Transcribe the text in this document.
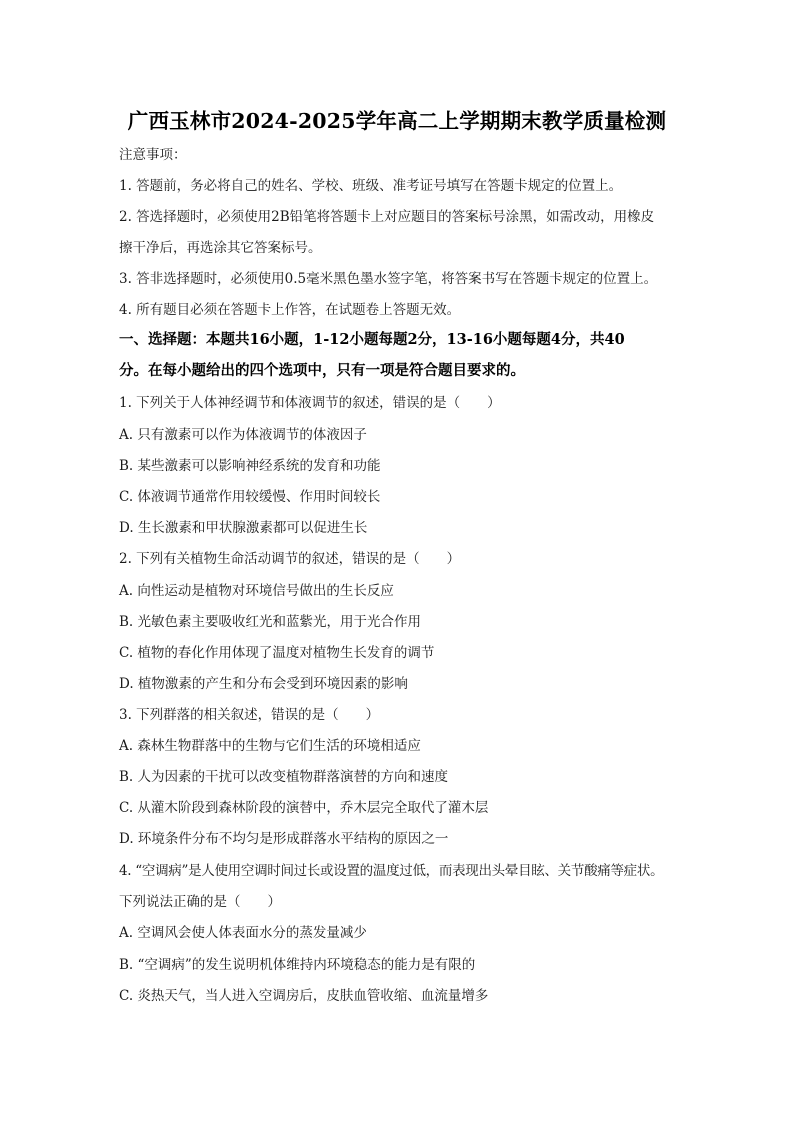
广西玉林市2024-2025学年高二上学期期末教学质量检测
注意事项：
1. 答题前，务必将自己的姓名、学校、班级、准考证号填写在答题卡规定的位置上。
2. 答选择题时，必须使用2B铅笔将答题卡上对应题目的答案标号涂黑，如需改动，用橡皮
擦干净后，再选涂其它答案标号。
3. 答非选择题时，必须使用0.5毫米黑色墨水签字笔，将答案书写在答题卡规定的位置上。
4. 所有题目必须在答题卡上作答，在试题卷上答题无效。
一、选择题：本题共16小题，1-12小题每题2分，13-16小题每题4分，共40
分。在每小题给出的四个选项中，只有一项是符合题目要求的。
1. 下列关于人体神经调节和体液调节的叙述，错误的是（　　）
A. 只有激素可以作为体液调节的体液因子
B. 某些激素可以影响神经系统的发育和功能
C. 体液调节通常作用较缓慢、作用时间较长
D. 生长激素和甲状腺激素都可以促进生长
2. 下列有关植物生命活动调节的叙述，错误的是（　　）
A. 向性运动是植物对环境信号做出的生长反应
B. 光敏色素主要吸收红光和蓝紫光，用于光合作用
C. 植物的春化作用体现了温度对植物生长发育的调节
D. 植物激素的产生和分布会受到环境因素的影响
3. 下列群落的相关叙述，错误的是（　　）
A. 森林生物群落中的生物与它们生活的环境相适应
B. 人为因素的干扰可以改变植物群落演替的方向和速度
C. 从灌木阶段到森林阶段的演替中，乔木层完全取代了灌木层
D. 环境条件分布不均匀是形成群落水平结构的原因之一
4. “空调病”是人使用空调时间过长或设置的温度过低，而表现出头晕目眩、关节酸痛等症状。
下列说法正确的是（　　）
A. 空调风会使人体表面水分的蒸发量减少
B. “空调病”的发生说明机体维持内环境稳态的能力是有限的
C. 炎热天气，当人进入空调房后，皮肤血管收缩、血流量增多
